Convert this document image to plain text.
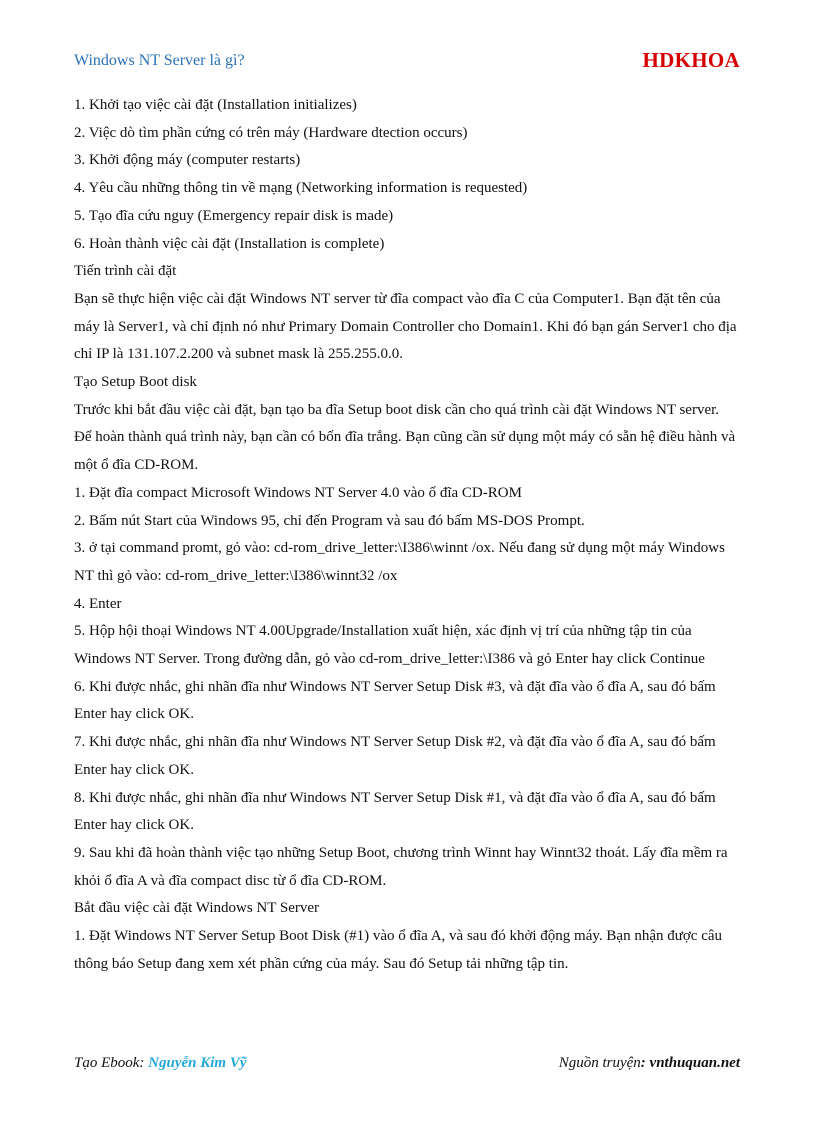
Windows NT Server là gì?	HDKHOA

1. Khởi tạo việc cài đặt (Installation initializes)

2. Việc dò tìm phần cứng có trên máy (Hardware dtection occurs)

3. Khởi động máy (computer restarts)

4. Yêu cầu những thông tin về mạng (Networking information is requested)

5. Tạo đĩa cứu nguy (Emergency repair disk is made)

6. Hoàn thành việc cài đặt (Installation is complete)

Tiến trình cài đặt

Bạn sẽ thực hiện việc cài đặt Windows NT server từ đĩa compact vào đĩa C của Computer1. Bạn đặt tên của máy là Server1, và chỉ định nó như Primary Domain Controller cho Domain1. Khi đó bạn gán Server1 cho địa chỉ IP là 131.107.2.200 và subnet mask là 255.255.0.0.

Tạo Setup Boot disk

Trước khi bắt đầu việc cài đặt, bạn tạo ba đĩa Setup boot disk cần cho quá trình cài đặt Windows NT server.

Để hoàn thành quá trình này, bạn cần có bốn đĩa trắng. Bạn cũng cần sử dụng một máy có sẵn hệ điều hành và một ổ đĩa CD-ROM.

1. Đặt đĩa compact Microsoft Windows NT Server 4.0 vào ổ đĩa CD-ROM

2. Bấm nút Start của Windows 95, chỉ đến Program và sau đó bấm MS-DOS Prompt.

3. ở tại command promt, gỏ vào: cd-rom_drive_letter:\I386\winnt /ox. Nếu đang sử dụng một máy Windows NT thì gỏ vào: cd-rom_drive_letter:\I386\winnt32 /ox

4. Enter

5. Hộp hội thoại Windows NT 4.00Upgrade/Installation xuất hiện, xác định vị trí của những tập tin của Windows NT Server. Trong đường dẫn, gỏ vào cd-rom_drive_letter:\I386 và gỏ Enter hay click Continue

6. Khi được nhắc, ghi nhãn đĩa như Windows NT Server Setup Disk #3, và đặt đĩa vào ổ đĩa A, sau đó bấm Enter hay click OK.

7. Khi được nhắc, ghi nhãn đĩa như Windows NT Server Setup Disk #2, và đặt đĩa vào ổ đĩa A, sau đó bấm Enter hay click OK.

8. Khi được nhắc, ghi nhãn đĩa như Windows NT Server Setup Disk #1, và đặt đĩa vào ổ đĩa A, sau đó bấm Enter hay click OK.

9. Sau khi đã hoàn thành việc tạo những Setup Boot, chương trình Winnt hay Winnt32 thoát. Lấy đĩa mềm ra khỏi ổ đĩa A và đĩa compact disc từ ổ đĩa CD-ROM.

Bắt đầu việc cài đặt Windows NT Server

1. Đặt Windows NT Server Setup Boot Disk (#1) vào ổ đĩa A, và sau đó khởi động máy. Bạn nhận được câu thông báo Setup đang xem xét phần cứng của máy. Sau đó Setup tải những tập tin.

Tạo Ebook: Nguyễn Kim Vỹ	Nguồn truyện: vnthuquan.net
